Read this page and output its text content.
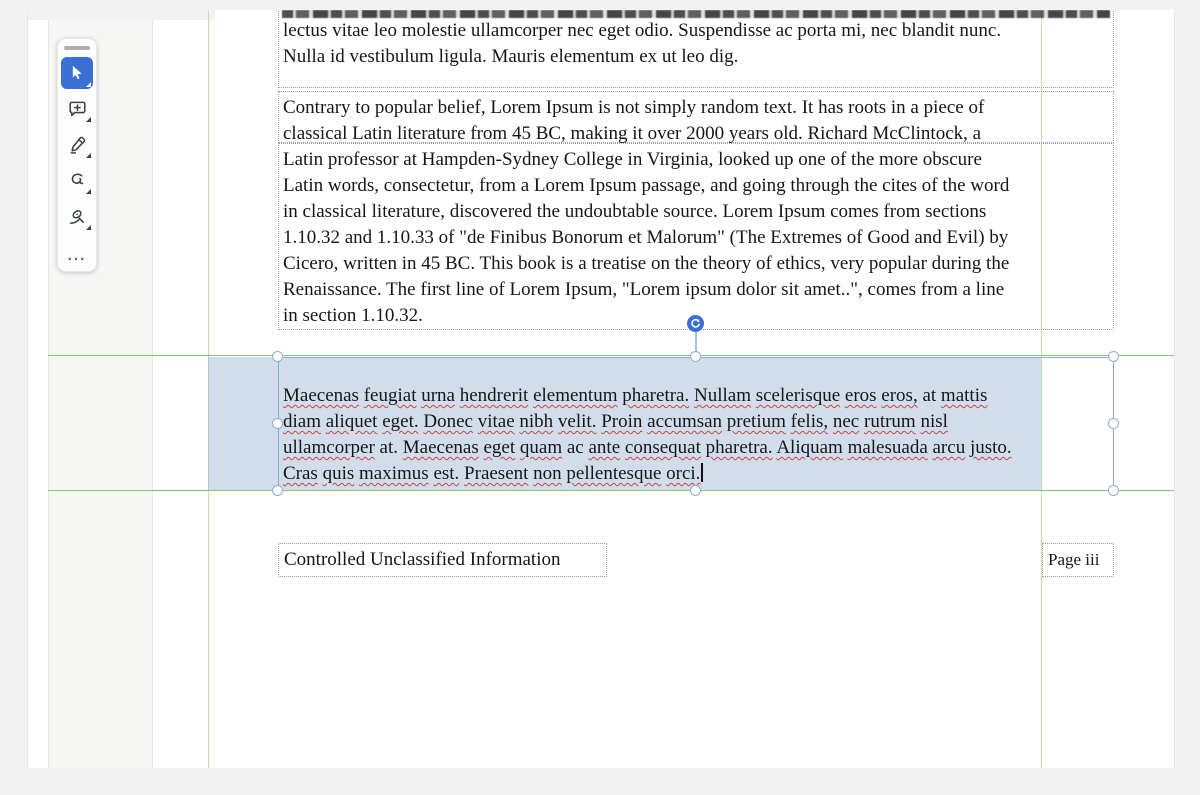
lectus vitae leo molestie ullamcorper nec eget odio. Suspendisse ac porta mi, nec blandit nunc.
Nulla id vestibulum ligula. Mauris elementum ex ut leo dig.
Contrary to popular belief, Lorem Ipsum is not simply random text. It has roots in a piece of
classical Latin literature from 45 BC, making it over 2000 years old. Richard McClintock, a
Latin professor at Hampden-Sydney College in Virginia, looked up one of the more obscure
Latin words, consectetur, from a Lorem Ipsum passage, and going through the cites of the word
in classical literature, discovered the undoubtable source. Lorem Ipsum comes from sections
1.10.32 and 1.10.33 of "de Finibus Bonorum et Malorum" (The Extremes of Good and Evil) by
Cicero, written in 45 BC. This book is a treatise on the theory of ethics, very popular during the
Renaissance. The first line of Lorem Ipsum, "Lorem ipsum dolor sit amet..", comes from a line
in section 1.10.32.
Maecenas feugiat urna hendrerit elementum pharetra. Nullam scelerisque eros eros, at mattis
diam aliquet eget. Donec vitae nibh velit. Proin accumsan pretium felis, nec rutrum nisl
ullamcorper at. Maecenas eget quam ac ante consequat pharetra. Aliquam malesuada arcu justo.
Cras quis maximus est. Praesent non pellentesque orci.
Controlled Unclassified Information	Page iii
...
